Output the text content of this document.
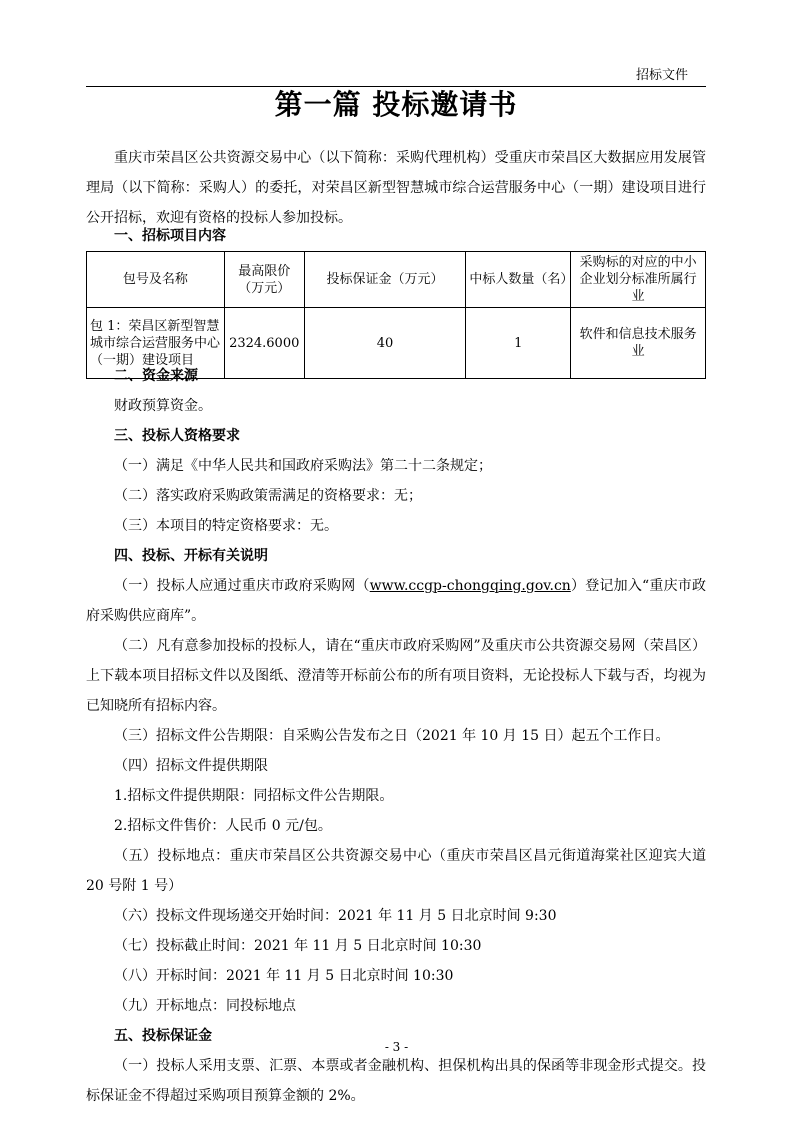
招标文件
第一篇 投标邀请书

重庆市荣昌区公共资源交易中心（以下简称：采购代理机构）受重庆市荣昌区大数据应用发展管理局（以下简称：采购人）的委托，对荣昌区新型智慧城市综合运营服务中心（一期）建设项目进行公开招标，欢迎有资格的投标人参加投标。

一、招标项目内容

包号及名称	最高限价（万元）	投标保证金（万元）	中标人数量（名）	采购标的对应的中小企业划分标准所属行业
包 1：荣昌区新型智慧城市综合运营服务中心（一期）建设项目	2324.6000	40	1	软件和信息技术服务业

二、资金来源

财政预算资金。

三、投标人资格要求

（一）满足《中华人民共和国政府采购法》第二十二条规定；

（二）落实政府采购政策需满足的资格要求：无；

（三）本项目的特定资格要求：无。

四、投标、开标有关说明

（一）投标人应通过重庆市政府采购网（www.ccgp-chongqing.gov.cn）登记加入“重庆市政府采购供应商库”。

（二）凡有意参加投标的投标人，请在“重庆市政府采购网”及重庆市公共资源交易网（荣昌区）上下载本项目招标文件以及图纸、澄清等开标前公布的所有项目资料，无论投标人下载与否，均视为已知晓所有招标内容。

（三）招标文件公告期限：自采购公告发布之日（2021 年 10 月 15 日）起五个工作日。

（四）招标文件提供期限

1.招标文件提供期限：同招标文件公告期限。

2.招标文件售价：人民币 0 元/包。

（五）投标地点：重庆市荣昌区公共资源交易中心（重庆市荣昌区昌元街道海棠社区迎宾大道 20 号附 1 号）

（六）投标文件现场递交开始时间：2021 年 11 月 5 日北京时间 9:30

（七）投标截止时间：2021 年 11 月 5 日北京时间 10:30

（八）开标时间：2021 年 11 月 5 日北京时间 10:30

（九）开标地点：同投标地点

五、投标保证金

（一）投标人采用支票、汇票、本票或者金融机构、担保机构出具的保函等非现金形式提交。投标保证金不得超过采购项目预算金额的 2%。

- 3 -
